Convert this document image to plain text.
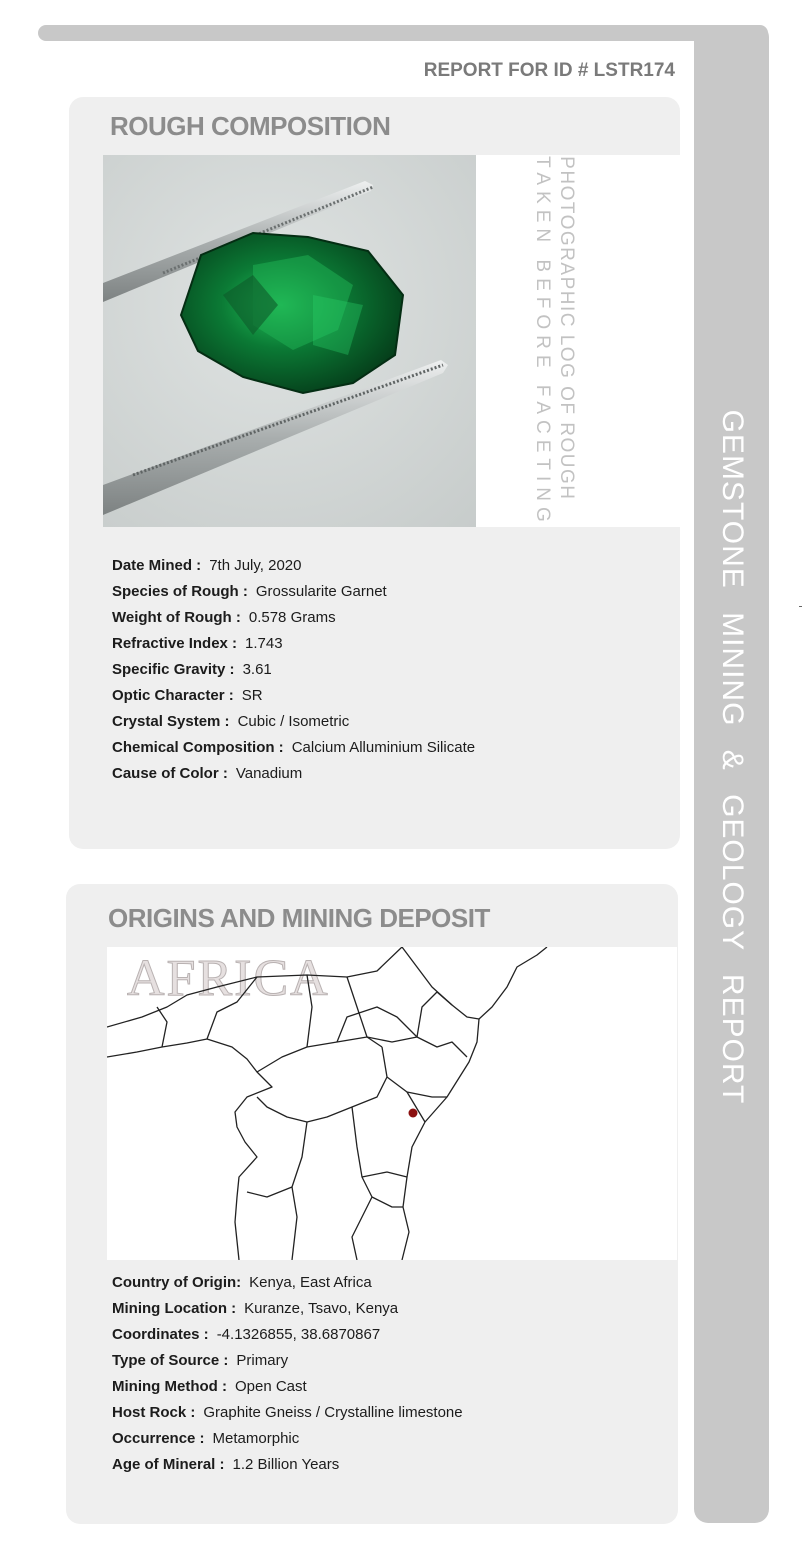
GEMSTONE MINING & GEOLOGY REPORT
REPORT FOR ID # LSTR174
ROUGH COMPOSITION
PHOTOGRAPHIC LOG OF ROUGH
TAKEN BEFORE FACETING
Date Mined : 7th July, 2020
Species of Rough : Grossularite Garnet
Weight of Rough : 0.578 Grams
Refractive Index : 1.743
Specific Gravity : 3.61
Optic Character : SR
Crystal System : Cubic / Isometric
Chemical Composition : Calcium Alluminium Silicate
Cause of Color : Vanadium
ORIGINS AND MINING DEPOSIT
AFRICA
Country of Origin: Kenya, East Africa
Mining Location : Kuranze, Tsavo, Kenya
Coordinates : -4.1326855, 38.6870867
Type of Source : Primary
Mining Method : Open Cast
Host Rock : Graphite Gneiss / Crystalline limestone
Occurrence : Metamorphic
Age of Mineral : 1.2 Billion Years
